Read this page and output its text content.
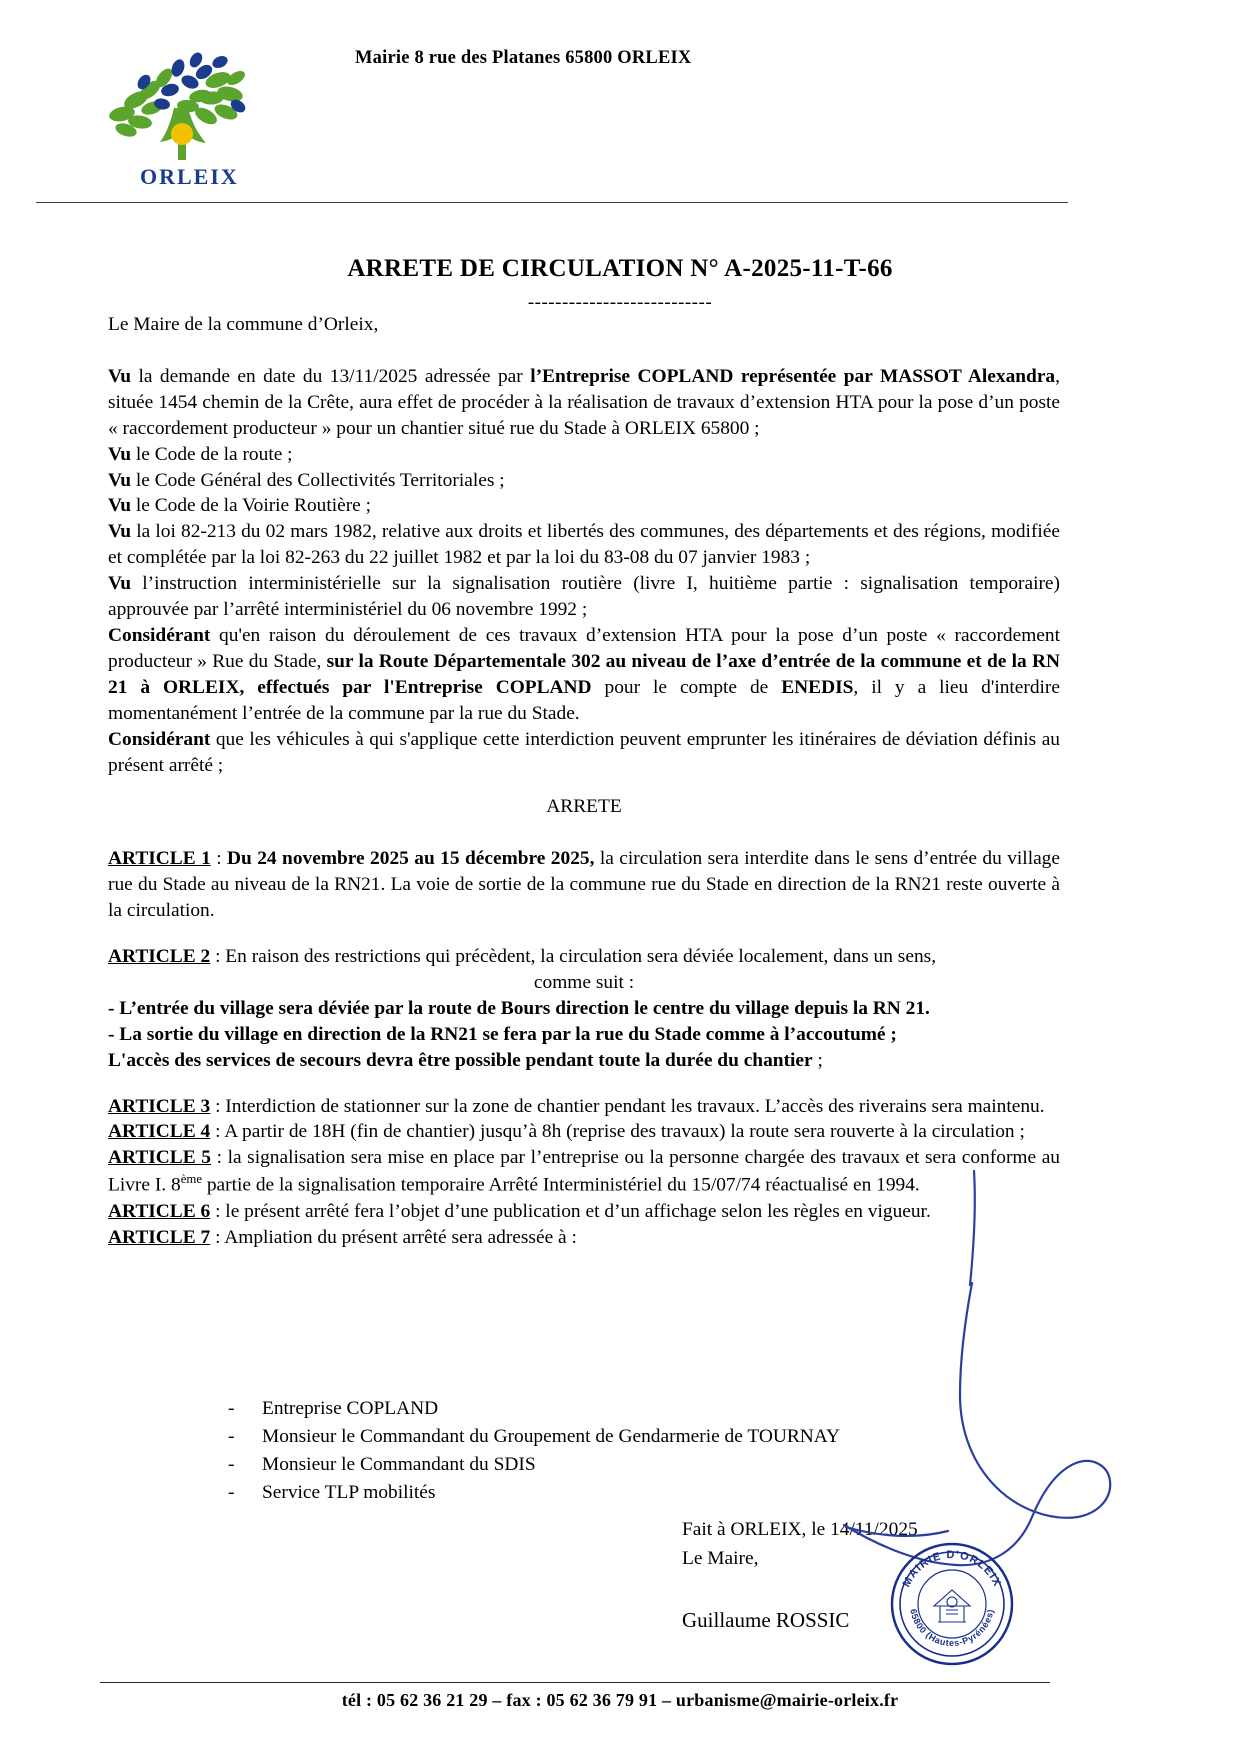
ORLEIX
Mairie 8 rue des Platanes 65800 ORLEIX
ARRETE DE CIRCULATION N° A-2025-11-T-66
---------------------------

Le Maire de la commune d’Orleix,

Vu la demande en date du 13/11/2025 adressée par l’Entreprise COPLAND représentée par MASSOT Alexandra, située 1454 chemin de la Crête, aura effet de procéder à la réalisation de travaux d’extension HTA pour la pose d’un poste « raccordement producteur » pour un chantier situé rue du Stade à ORLEIX 65800 ;

Vu le Code de la route ;

Vu le Code Général des Collectivités Territoriales ;

Vu le Code de la Voirie Routière ;

Vu la loi 82-213 du 02 mars 1982, relative aux droits et libertés des communes, des départements et des régions, modifiée et complétée par la loi 82-263 du 22 juillet 1982 et par la loi du 83-08 du 07 janvier 1983 ;

Vu l’instruction interministérielle sur la signalisation routière (livre I, huitième partie : signalisation temporaire) approuvée par l’arrêté interministériel du 06 novembre 1992 ;

Considérant qu'en raison du déroulement de ces travaux d’extension HTA pour la pose d’un poste « raccordement producteur » Rue du Stade, sur la Route Départementale 302 au niveau de l’axe d’entrée de la commune et de la RN 21 à ORLEIX, effectués par l'Entreprise COPLAND pour le compte de ENEDIS, il y a lieu d'interdire momentanément l’entrée de la commune par la rue du Stade.

Considérant que les véhicules à qui s'applique cette interdiction peuvent emprunter les itinéraires de déviation définis au présent arrêté ;

ARRETE

ARTICLE 1 : Du 24 novembre 2025 au 15 décembre 2025, la circulation sera interdite dans le sens d’entrée du village rue du Stade au niveau de la RN21. La voie de sortie de la commune rue du Stade en direction de la RN21 reste ouverte à la circulation.

ARTICLE 2 : En raison des restrictions qui précèdent, la circulation sera déviée localement, dans un sens,

comme suit :

- L’entrée du village sera déviée par la route de Bours direction le centre du village depuis la RN 21.
- La sortie du village en direction de la RN21 se fera par la rue du Stade comme à l’accoutumé ;
L'accès des services de secours devra être possible pendant toute la durée du chantier ;

ARTICLE 3 : Interdiction de stationner sur la zone de chantier pendant les travaux. L’accès des riverains sera maintenu.

ARTICLE 4 : A partir de 18H (fin de chantier) jusqu’à 8h (reprise des travaux) la route sera rouverte à la circulation ;

ARTICLE 5 : la signalisation sera mise en place par l’entreprise ou la personne chargée des travaux et sera conforme au Livre I. 8ème partie de la signalisation temporaire Arrêté Interministériel du 15/07/74 réactualisé en 1994.

ARTICLE 6 : le présent arrêté fera l’objet d’une publication et d’un affichage selon les règles en vigueur.

ARTICLE 7 : Ampliation du présent arrêté sera adressée à :

-	Entreprise COPLAND
-	Monsieur le Commandant du Groupement de Gendarmerie de TOURNAY
-	Monsieur le Commandant du SDIS
-	Service TLP mobilités
Fait à ORLEIX, le 14/11/2025
Le Maire,
Guillaume ROSSIC
MAIRIE D'ORLEIX
65800 (Hautes-Pyrénées)
tél : 05 62 36 21 29 – fax : 05 62 36 79 91 – urbanisme@mairie-orleix.fr
